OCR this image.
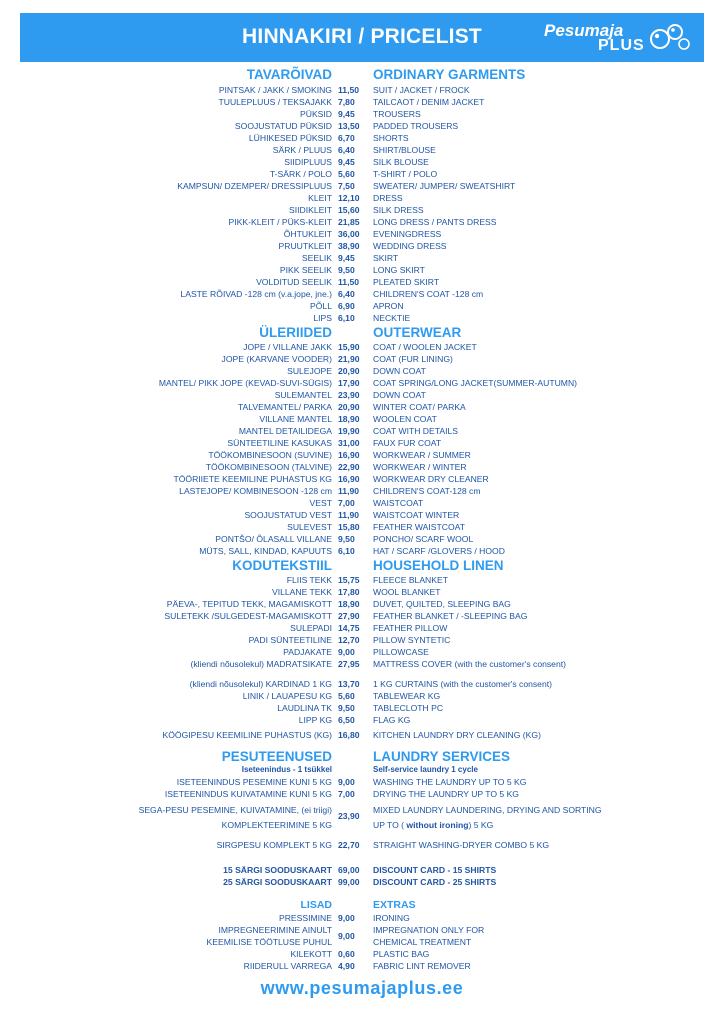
HINNAKIRI / PRICELIST	Pesumaja
PLUS
PESUTEENUSED	LAUNDRY SERVICES
Iseteenindus - 1 tsükkel	Self-service laundry 1 cycle
ISETEENINDUS PESEMINE KUNI 5 KG 9,00	WASHING THE LAUNDRY UP TO 5 KG
ISETEENINDUS KUIVATAMINE KUNI 5 KG 7,00	DRYING THE LAUNDRY UP TO 5 KG
SEGA-PESU PESEMINE, KUIVATAMINE, (ei triigi)	MIXED LAUNDRY LAUNDERING, DRYING AND SORTING
23,90
KOMPLEKTEERIMINE 5 KG	UP TO ( without ironing) 5 KG
SIRGPESU KOMPLEKT 5 KG 22,70	STRAIGHT WASHING-DRYER COMBO 5 KG
15 SÄRGI SOODUSKAART 69,00	DISCOUNT CARD - 15 SHIRTS
25 SÄRGI SOODUSKAART 99,00	DISCOUNT CARD - 25 SHIRTS
LISAD	EXTRAS
PRESSIMINE 9,00	IRONING
IMPREGNEERIMINE AINULT	IMPREGNATION ONLY FOR
9,00
KEEMILISE TÖÖTLUSE PUHUL	CHEMICAL TREATMENT
KILEKOTT 0,60	PLASTIC BAG
RIIDERULL VARREGA 4,90	FABRIC LINT REMOVER
KÖÖGIPESU KEEMILINE PUHASTUS (KG) 16,80	KITCHEN LAUNDRY DRY CLEANING (KG)
TAVARÕIVAD	ORDINARY GARMENTS
PINTSAK / JAKK / SMOKING 11,50	SUIT / JACKET / FROCK
TUULEPLUUS / TEKSAJAKK 7,80	TAILCAOT / DENIM JACKET
PÜKSID 9,45	TROUSERS
SOOJUSTATUD PÜKSID 13,50	PADDED TROUSERS
LÜHIKESED PÜKSID 6,70	SHORTS
SÄRK / PLUUS 6,40	SHIRT/BLOUSE
SIIDIPLUUS 9,45	SILK BLOUSE
T-SÄRK / POLO 5,60	T-SHIRT / POLO
KAMPSUN/ DZEMPER/ DRESSIPLUUS 7,50	SWEATER/ JUMPER/ SWEATSHIRT
KLEIT 12,10	DRESS
SIIDIKLEIT 15,60	SILK DRESS
PIKK-KLEIT / PÜKS-KLEIT 21,85	LONG DRESS / PANTS DRESS
ÕHTUKLEIT 36,00	EVENINGDRESS
PRUUTKLEIT 38,90	WEDDING DRESS
SEELIK 9,45	SKIRT
PIKK SEELIK 9,50	LONG SKIRT
VOLDITUD SEELIK 11,50	PLEATED SKIRT
LASTE RÕIVAD -128 cm (v.a.jope, jne.) 6,40	CHILDREN'S COAT -128 cm
PÕLL 6,90	APRON
LIPS 6,10	NECKTIE
ÜLERIIDED	OUTERWEAR
JOPE / VILLANE JAKK 15,90	COAT / WOOLEN JACKET
JOPE (KARVANE VOODER) 21,90	COAT (FUR LINING)
SULEJOPE 20,90	DOWN COAT
MANTEL/ PIKK JOPE (KEVAD-SUVI-SÜGIS) 17,90	COAT SPRING/LONG JACKET(SUMMER-AUTUMN)
SULEMANTEL 23,90	DOWN COAT
TALVEMANTEL/ PARKA 20,90	WINTER COAT/ PARKA
VILLANE MANTEL 18,90	WOOLEN COAT
MANTEL DETAILIDEGA 19,90	COAT WITH DETAILS
SÜNTEETILINE KASUKAS 31,00	FAUX FUR COAT
TÖÖKOMBINESOON (SUVINE) 16,90	WORKWEAR / SUMMER
TÖÖKOMBINESOON (TALVINE) 22,90	WORKWEAR / WINTER
TÖÖRIIETE KEEMILINE PUHASTUS KG 16,90	WORKWEAR DRY CLEANER
LASTEJOPE/ KOMBINESOON -128 cm 11,90	CHILDREN'S COAT-128 cm
VEST 7,00	WAISTCOAT
SOOJUSTATUD VEST 11,90	WAISTCOAT WINTER
SULEVEST 15,80	FEATHER WAISTCOAT
PONTŠO/ ÕLASALL VILLANE 9,50	PONCHO/ SCARF WOOL
MÜTS, SALL, KINDAD, KAPUUTS 6,10	HAT / SCARF /GLOVERS / HOOD
KODUTEKSTIIL	HOUSEHOLD LINEN
FLIIS TEKK 15,75	FLEECE BLANKET
VILLANE TEKK 17,80	WOOL BLANKET
PÄEVA-, TEPITUD TEKK, MAGAMISKOTT 18,90	DUVET, QUILTED, SLEEPING BAG
SULETEKK /SULGEDEST-MAGAMISKOTT 27,90	FEATHER BLANKET / -SLEEPING BAG
SULEPADI 14,75	FEATHER PILLOW
PADI SÜNTEETILINE 12,70	PILLOW SYNTETIC
PADJAKATE 9,00	PILLOWCASE
(kliendi nõusolekul) MADRATSIKATE 27,95	MATTRESS COVER (with the customer's consent)
(kliendi nõusolekul) KARDINAD 1 KG 13,70	1 KG CURTAINS (with the customer's consent)
LINIK / LAUAPESU KG 5,60	TABLEWEAR KG
LAUDLINA TK 9,50	TABLECLOTH PC
LIPP KG 6,50	FLAG KG
www.pesumajaplus.ee
